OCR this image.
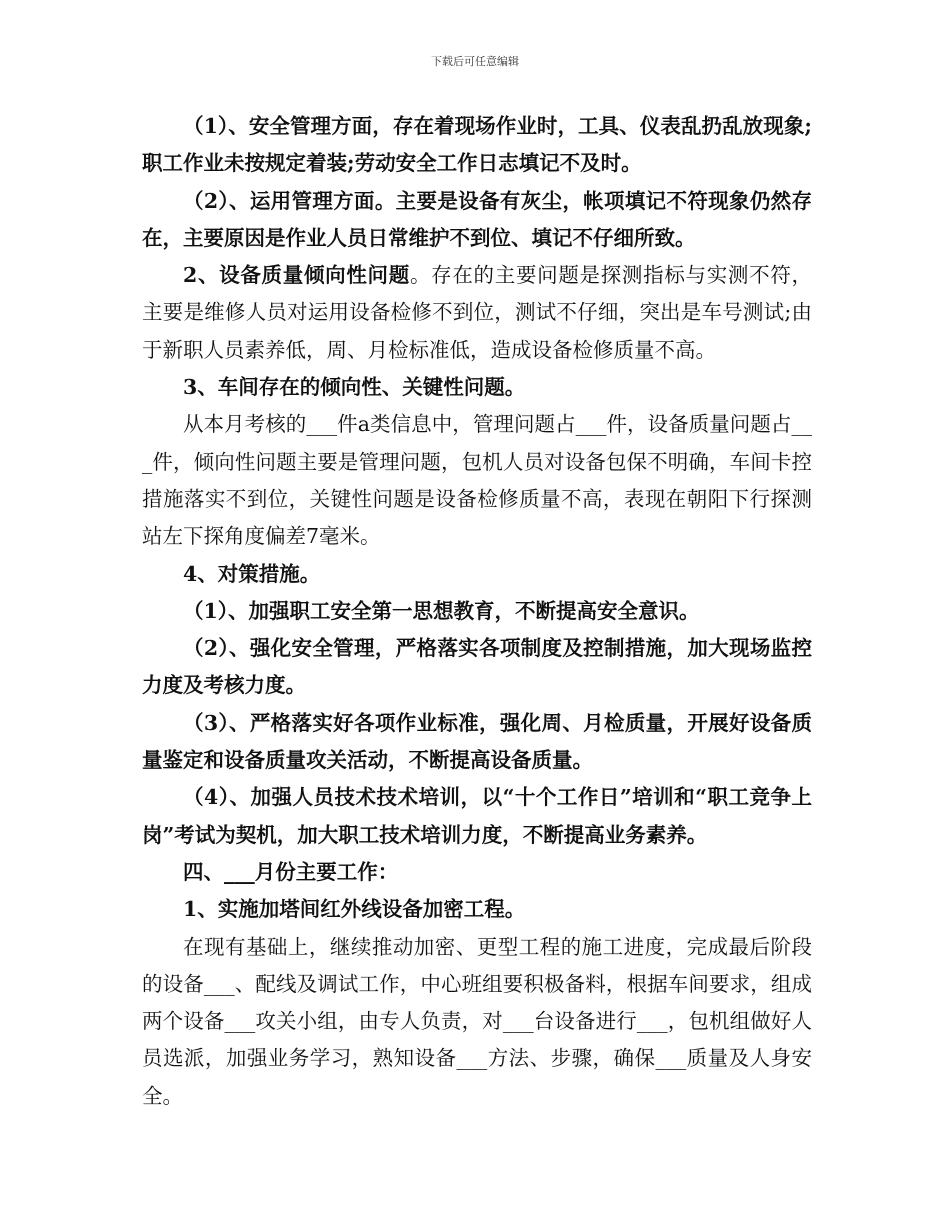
下载后可任意编辑

（1）、安全管理方面，存在着现场作业时，工具、仪表乱扔乱放现象;职工作业未按规定着装;劳动安全工作日志填记不及时。

（2）、运用管理方面。主要是设备有灰尘，帐项填记不符现象仍然存在，主要原因是作业人员日常维护不到位、填记不仔细所致。

2、设备质量倾向性问题。存在的主要问题是探测指标与实测不符，主要是维修人员对运用设备检修不到位，测试不仔细，突出是车号测试;由于新职人员素养低，周、月检标准低，造成设备检修质量不高。

3、车间存在的倾向性、关键性问题。

从本月考核的___件a类信息中，管理问题占___件，设备质量问题占___件，倾向性问题主要是管理问题，包机人员对设备包保不明确，车间卡控措施落实不到位，关键性问题是设备检修质量不高，表现在朝阳下行探测站左下探角度偏差7毫米。

4、对策措施。

（1）、加强职工安全第一思想教育，不断提高安全意识。

（2）、强化安全管理，严格落实各项制度及控制措施，加大现场监控力度及考核力度。

（3）、严格落实好各项作业标准，强化周、月检质量，开展好设备质量鉴定和设备质量攻关活动，不断提高设备质量。

（4）、加强人员技术技术培训，以“十个工作日”培训和“职工竞争上岗”考试为契机，加大职工技术培训力度，不断提高业务素养。

四、___月份主要工作：

1、实施加塔间红外线设备加密工程。

在现有基础上，继续推动加密、更型工程的施工进度，完成最后阶段的设备___、配线及调试工作，中心班组要积极备料，根据车间要求，组成两个设备___攻关小组，由专人负责，对___台设备进行___，包机组做好人员选派，加强业务学习，熟知设备___方法、步骤，确保___质量及人身安全。
